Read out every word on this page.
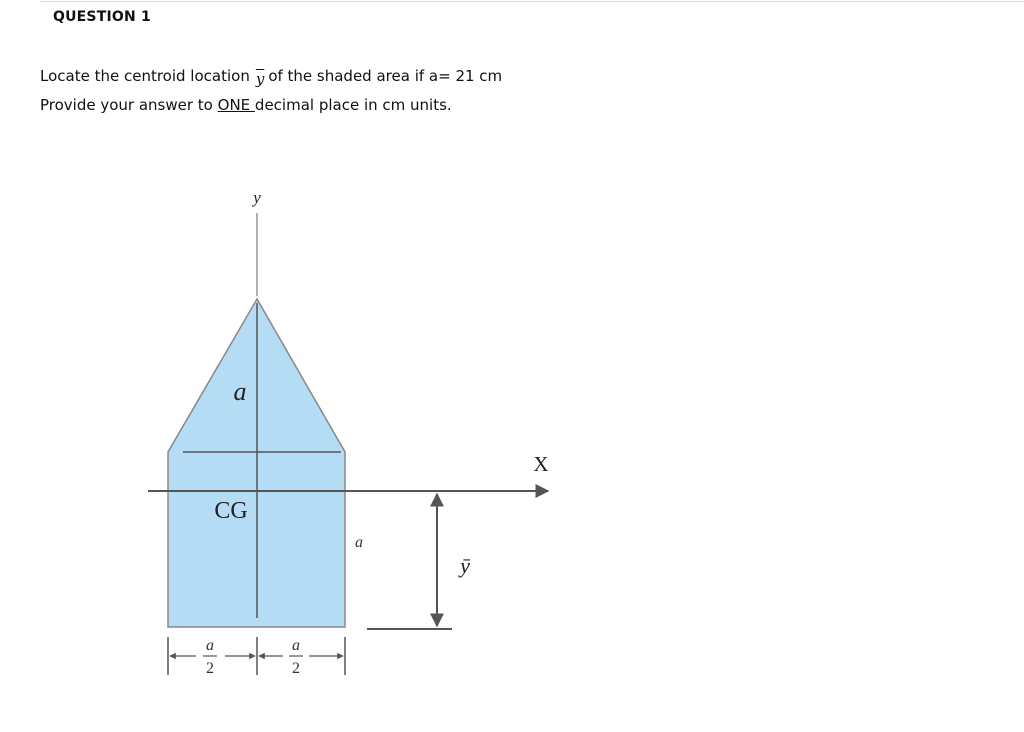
QUESTION 1
Locate the centroid location $\overline{y}$ of the shaded area if a= 21 cm
Provide your answer to ONE decimal place in cm units.
y
X
a
CG
a
ȳ
a
2
a
2
